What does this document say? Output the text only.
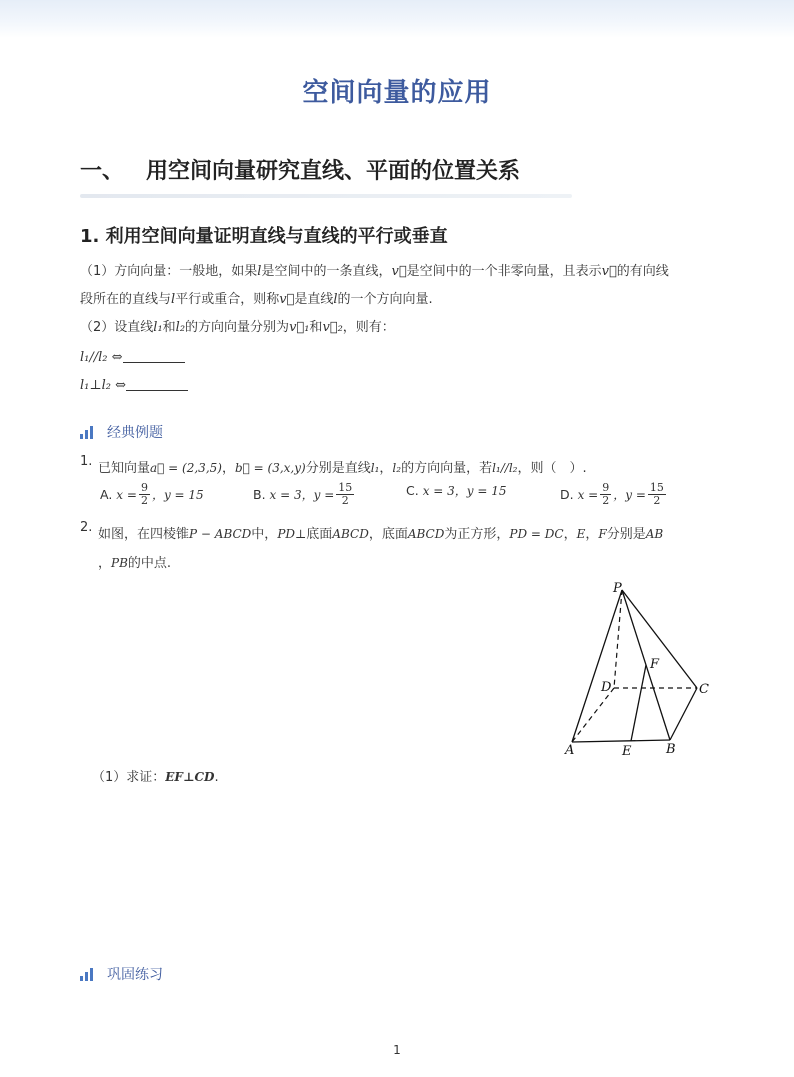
空间向量的应用
一、 用空间向量研究直线、平面的位置关系
1. 利用空间向量证明直线与直线的平行或垂直
（1）方向向量：一般地，如果l是空间中的一条直线，v⃗是空间中的一个非零向量，且表示v⃗的有向线
段所在的直线与l平行或重合，则称v⃗是直线l的一个方向向量.
（2）设直线l₁和l₂的方向向量分别为v⃗₁和v⃗₂，则有：
l₁//l₂ ⇔
l₁⊥l₂ ⇔
经典例题
1. 已知向量a⃗ = (2,3,5)，b⃗ = (3,x,y)分别是直线l₁，l₂的方向向量，若l₁//l₂，则（　）.
A.
$x = \frac{9}{2}$ ，y = 15	B.
x = 3 ，$y = \frac{15}{2}$	C.
x = 3 ，y = 15	D.
$x = \frac{9}{2}$ ，$y = \frac{15}{2}$
2. 如图，在四棱锥P − ABCD中，PD⊥底面ABCD，底面ABCD为正方形，PD = DC，E，F分别是AB
，PB的中点.
P
F
D	C
A	E	B
（1）求证：EF⊥CD.
巩固练习
1
